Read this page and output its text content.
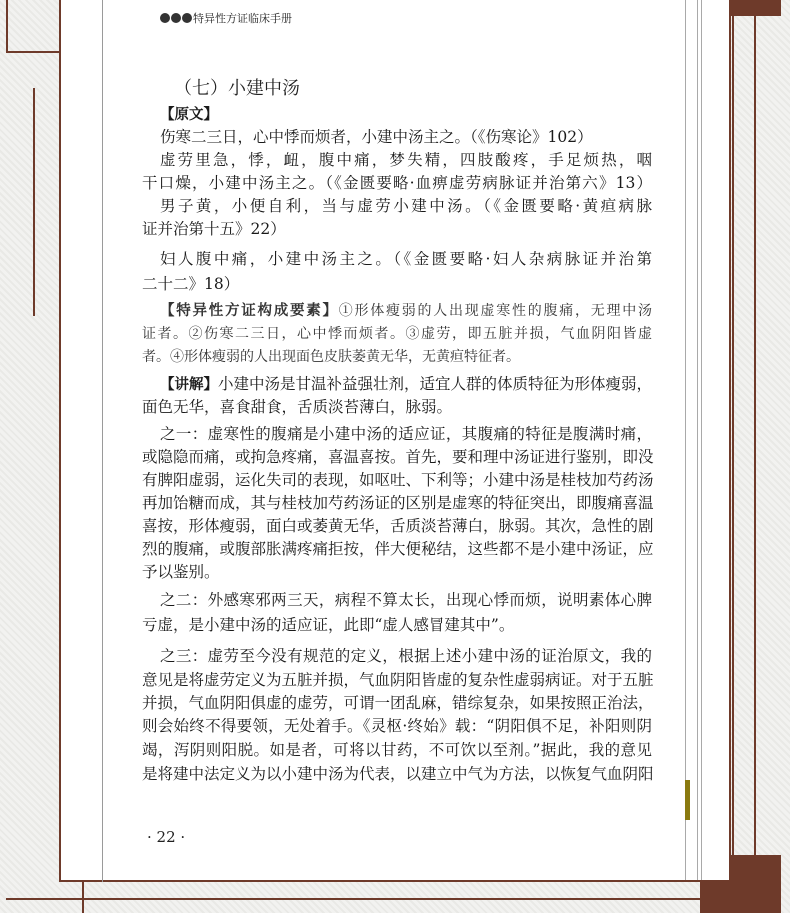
特异性方证临床手册
（七）小建中汤
【原文】
伤寒二三日，心中悸而烦者，小建中汤主之。（《伤寒论》102）
虚劳里急，悸，衄，腹中痛，梦失精，四肢酸疼，手足烦热，咽
干口燥，小建中汤主之。（《金匮要略·血痹虚劳病脉证并治第六》13）
男子黄，小便自利，当与虚劳小建中汤。（《金匮要略·黄疸病脉
证并治第十五》22）
妇人腹中痛，小建中汤主之。（《金匮要略·妇人杂病脉证并治第
二十二》18）
【特异性方证构成要素】①形体瘦弱的人出现虚寒性的腹痛，无理中汤
证者。②伤寒二三日，心中悸而烦者。③虚劳，即五脏并损，气血阴阳皆虚
者。④形体瘦弱的人出现面色皮肤萎黄无华，无黄疸特征者。
【讲解】小建中汤是甘温补益强壮剂，适宜人群的体质特征为形体瘦弱，
面色无华，喜食甜食，舌质淡苔薄白，脉弱。
之一：虚寒性的腹痛是小建中汤的适应证，其腹痛的特征是腹满时痛，
或隐隐而痛，或拘急疼痛，喜温喜按。首先，要和理中汤证进行鉴别，即没
有脾阳虚弱，运化失司的表现，如呕吐、下利等；小建中汤是桂枝加芍药汤
再加饴糖而成，其与桂枝加芍药汤证的区别是虚寒的特征突出，即腹痛喜温
喜按，形体瘦弱，面白或萎黄无华，舌质淡苔薄白，脉弱。其次，急性的剧
烈的腹痛，或腹部胀满疼痛拒按，伴大便秘结，这些都不是小建中汤证，应
予以鉴别。
之二：外感寒邪两三天，病程不算太长，出现心悸而烦，说明素体心脾
亏虚，是小建中汤的适应证，此即“虚人感冒建其中”。
之三：虚劳至今没有规范的定义，根据上述小建中汤的证治原文，我的
意见是将虚劳定义为五脏并损，气血阴阳皆虚的复杂性虚弱病证。对于五脏
并损，气血阴阳俱虚的虚劳，可谓一团乱麻，错综复杂，如果按照正治法，
则会始终不得要领，无处着手。《灵枢·终始》载：“阴阳俱不足，补阳则阴
竭，泻阴则阳脱。如是者，可将以甘药，不可饮以至剂。”据此，我的意见
是将建中法定义为以小建中汤为代表，以建立中气为方法，以恢复气血阴阳
· 22 ·
